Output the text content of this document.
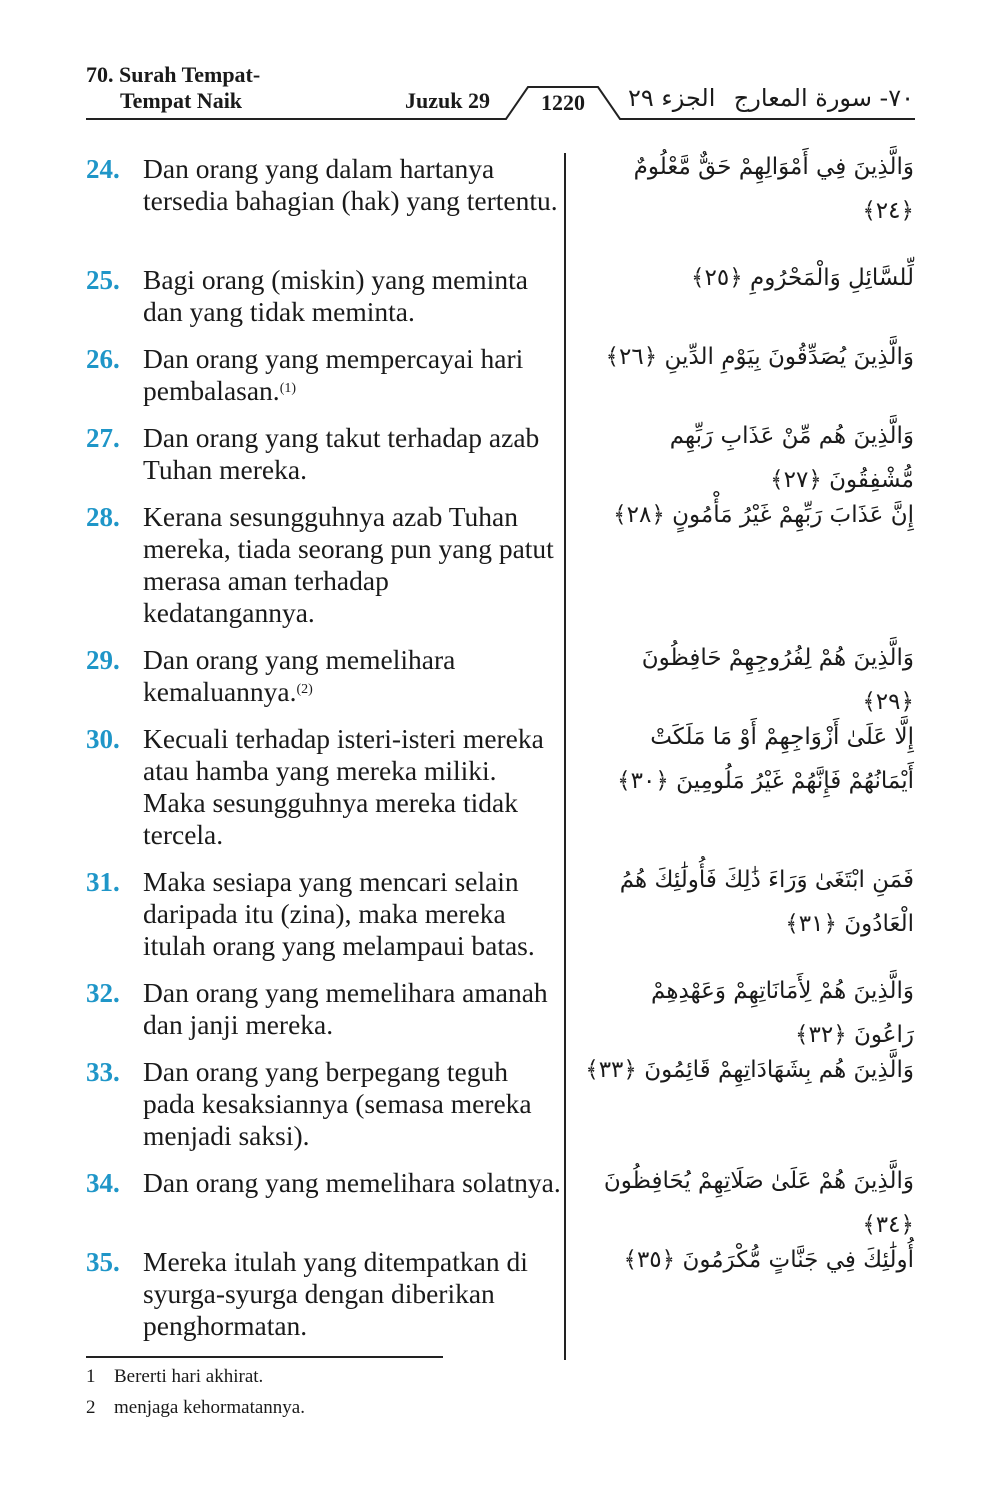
70. Surah Tempat-
Tempat Naik	Juzuk 29	1220	الجزء ٢٩ ٧٠- سورة المعارج
24. Dan orang yang dalam hartanya tersedia bahagian (hak) yang tertentu.
وَالَّذِينَ فِي أَمْوَالِهِمْ حَقٌّ مَّعْلُومٌ ﴿٢٤﴾
25. Bagi orang (miskin) yang meminta dan yang tidak meminta.
لِّلسَّائِلِ وَالْمَحْرُومِ ﴿٢٥﴾
26. Dan orang yang mempercayai hari pembalasan.$^{(1)}$
وَالَّذِينَ يُصَدِّقُونَ بِيَوْمِ الدِّينِ ﴿٢٦﴾
27. Dan orang yang takut terhadap azab Tuhan mereka.
وَالَّذِينَ هُم مِّنْ عَذَابِ رَبِّهِم مُّشْفِقُونَ ﴿٢٧﴾
28. Kerana sesungguhnya azab Tuhan mereka, tiada seorang pun yang patut merasa aman terhadap kedatangannya.
إِنَّ عَذَابَ رَبِّهِمْ غَيْرُ مَأْمُونٍ ﴿٢٨﴾
29. Dan orang yang memelihara kemaluannya.$^{(2)}$
وَالَّذِينَ هُمْ لِفُرُوجِهِمْ حَافِظُونَ ﴿٢٩﴾
30. Kecuali terhadap isteri-isteri mereka atau hamba yang mereka miliki. Maka sesungguhnya mereka tidak tercela.
إِلَّا عَلَىٰ أَزْوَاجِهِمْ أَوْ مَا مَلَكَتْ أَيْمَانُهُمْ فَإِنَّهُمْ غَيْرُ مَلُومِينَ ﴿٣٠﴾
31. Maka sesiapa yang mencari selain daripada itu (zina), maka mereka itulah orang yang melampaui batas.
فَمَنِ ابْتَغَىٰ وَرَاءَ ذَٰلِكَ فَأُولَٰئِكَ هُمُ الْعَادُونَ ﴿٣١﴾
32. Dan orang yang memelihara amanah dan janji mereka.
وَالَّذِينَ هُمْ لِأَمَانَاتِهِمْ وَعَهْدِهِمْ رَاعُونَ ﴿٣٢﴾
33. Dan orang yang berpegang teguh pada kesaksiannya (semasa mereka menjadi saksi).
وَالَّذِينَ هُم بِشَهَادَاتِهِمْ قَائِمُونَ ﴿٣٣﴾
34. Dan orang yang memelihara solatnya.	وَالَّذِينَ هُمْ عَلَىٰ صَلَاتِهِمْ يُحَافِظُونَ ﴿٣٤﴾
35. Mereka itulah yang ditempatkan di syurga-syurga dengan diberikan penghormatan.
أُولَٰئِكَ فِي جَنَّاتٍ مُّكْرَمُونَ ﴿٣٥﴾
1 Bererti hari akhirat.
2 menjaga kehormatannya.
